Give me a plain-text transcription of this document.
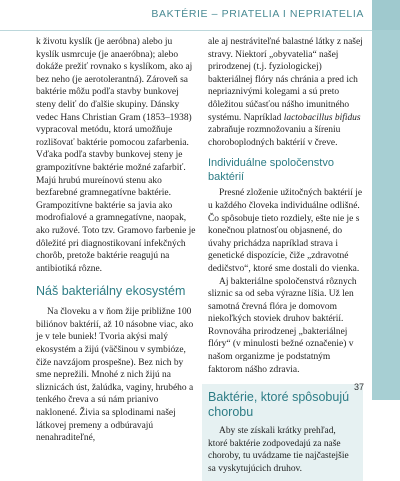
BAKTÉRIE – PRIATELIA I NEPRIATELIA

k životu kyslík (je aeróbna) alebo ju kyslík usmrcuje (je anaeróbna); alebo dokáže prežiť rovnako s kyslíkom, ako aj bez neho (je aerotolerantná). Zároveň sa baktérie môžu podľa stavby bunkovej steny deliť do ďalšie skupiny. Dánsky vedec Hans Christian Gram (1853–1938) vypracoval metódu, ktorá umožňuje rozlišovať baktérie pomocou zafarbenia. Vďaka podľa stavby bunkovej steny je grampozitívne baktérie možné zafarbiť. Majú hrubú mureínovú stenu ako bezfarebné gramnegatívne baktérie. Grampozitívne baktérie sa javia ako modrofialové a gramnegatívne, naopak, ako ružové. Toto tzv. Gramovo farbenie je dôležité pri diagnostikovaní infekčných chorôb, pretože baktérie reagujú na antibiotiká rôzne.

Náš bakteriálny ekosystém

Na človeku a v ňom žije približne 100 biliónov baktérií, až 10 násobne viac, ako je v tele buniek! Tvoria akýsi malý ekosystém a žijú (väčšinou v symbióze, čiže navzájom prospešne). Bez nich by sme neprežili. Mnohé z nich žijú na sliznicách úst, žalúdka, vaginy, hrubého a tenkého čreva a sú nám prianivo naklonené. Živia sa splodinami našej látkovej premeny a odbúravajú nenahraditeľné,

ale aj nestráviteľné balastné látky z našej stravy. Niektorí „obyvatelia“ našej prirodzenej (t.j. fyziologickej) bakteriálnej flóry nás chránia a pred ich nepriaznivými kolegami a sú preto dôležitou súčasťou nášho imunitného systému. Napríklad lactobacillus bifidus zabraňuje rozmnožovaniu a šíreniu choroboplodných baktérií v čreve.

Individuálne spoločenstvo baktérií

Presné zloženie užitočných baktérií je u každého človeka individuálne odlišné. Čo spôsobuje tieto rozdiely, ešte nie je s konečnou platnosťou objasnené, do úvahy prichádza napríklad strava i genetické dispozície, čiže „zdravotné dedičstvo“, ktoré sme dostali do vienka.

Aj bakteriálne spoločenstvá rôznych sliznic sa od seba výrazne líšia. Už len samotná črevná flóra je domovom niekoľkých stoviek druhov baktérií. Rovnováha prirodzenej „bakteriálnej flóry“ (v minulosti bežné označenie) v našom organizme je podstatným faktorom nášho zdravia.

Baktérie, ktoré spôsobujú chorobu

Aby ste získali krátky prehľad, ktoré baktérie zodpovedajú za naše choroby, tu uvádzame tie najčastejšie sa vyskytujúcich druhov.

37
